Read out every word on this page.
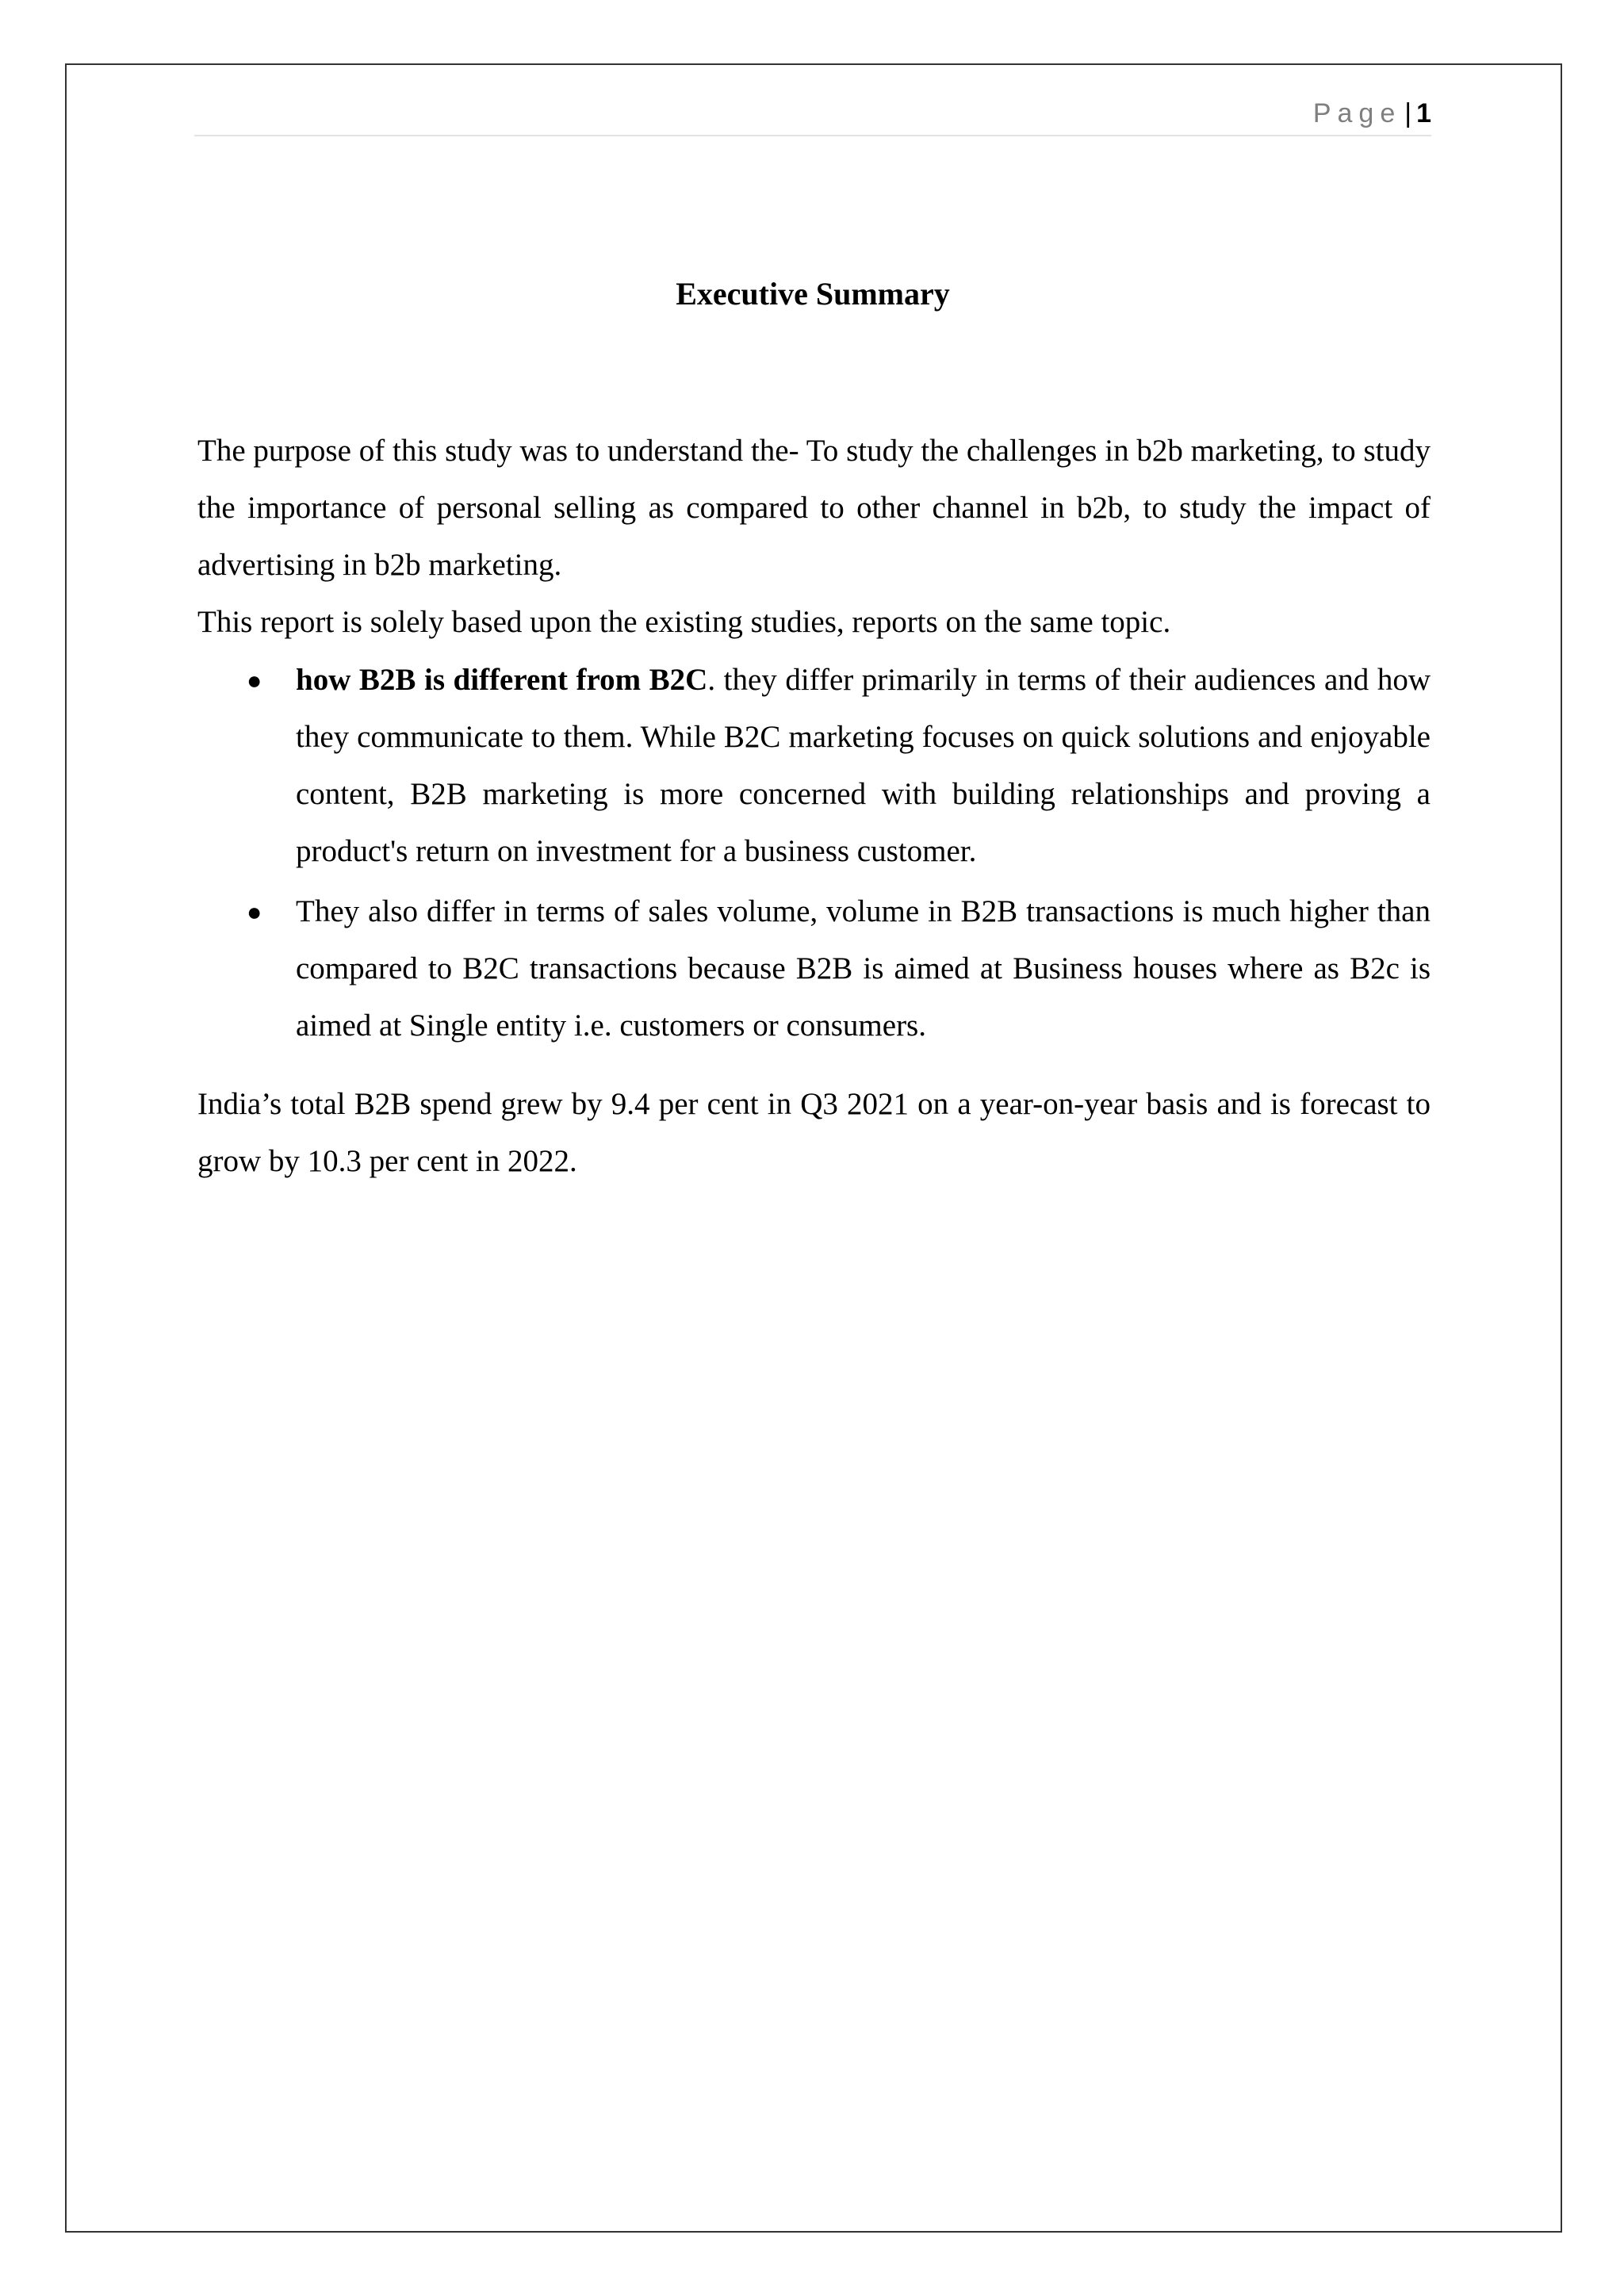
Page | 1
Executive Summary

The purpose of this study was to understand the- To study the challenges in b2b marketing, to study the importance of personal selling as compared to other channel in b2b, to study the impact of advertising in b2b marketing.

This report is solely based upon the existing studies, reports on the same topic.

● how B2B is different from B2C. they differ primarily in terms of their audiences and how they communicate to them. While B2C marketing focuses on quick solutions and enjoyable content, B2B marketing is more concerned with building relationships and proving a product's return on investment for a business customer.
● They also differ in terms of sales volume, volume in B2B transactions is much higher than compared to B2C transactions because B2B is aimed at Business houses where as B2c is aimed at Single entity i.e. customers or consumers.

India’s total B2B spend grew by 9.4 per cent in Q3 2021 on a year-on-year basis and is forecast to grow by 10.3 per cent in 2022.
